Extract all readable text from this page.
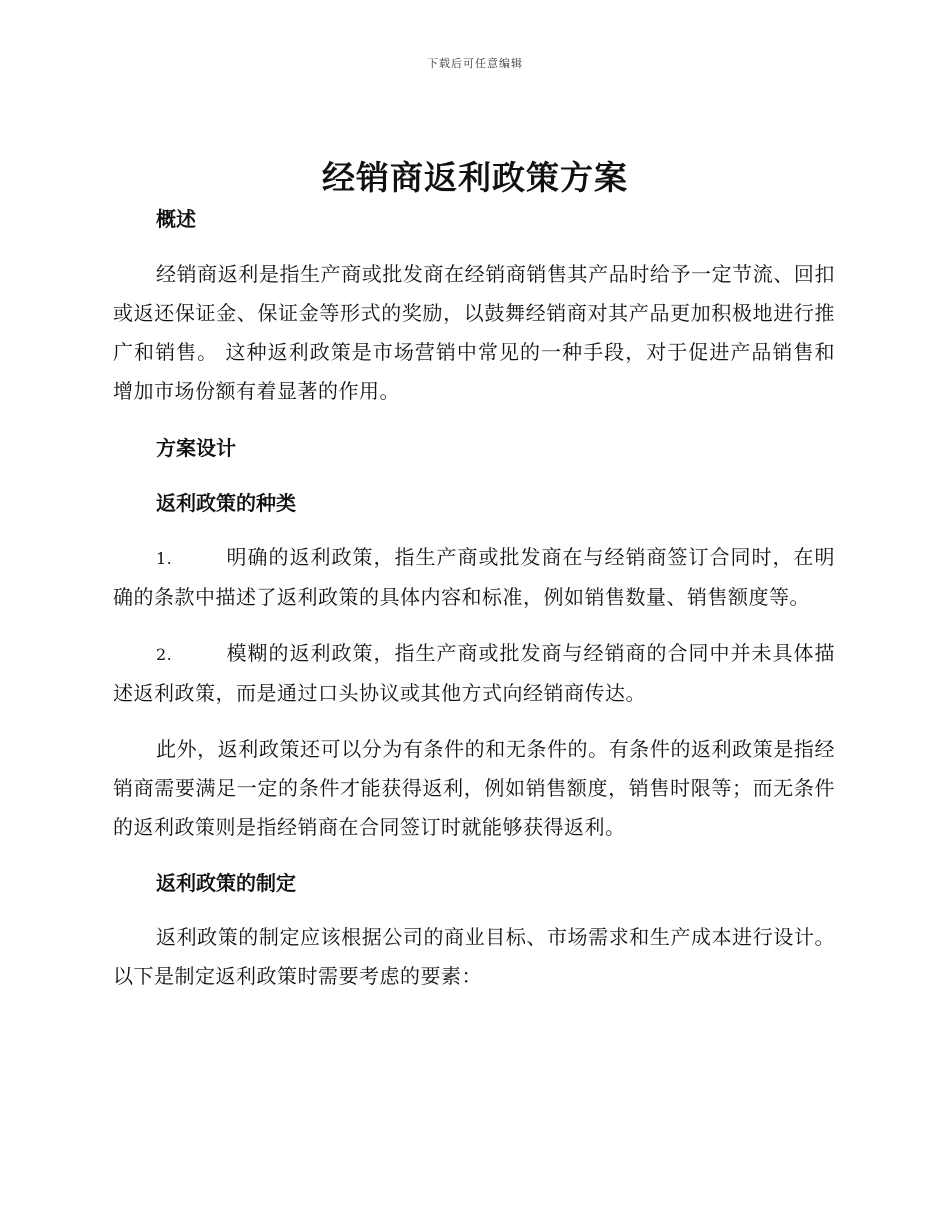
下载后可任意编辑
经销商返利政策方案

概述

经销商返利是指生产商或批发商在经销商销售其产品时给予一定节流、回扣或返还保证金、保证金等形式的奖励，以鼓舞经销商对其产品更加积极地进行推广和销售。 这种返利政策是市场营销中常见的一种手段，对于促进产品销售和增加市场份额有着显著的作用。

方案设计

返利政策的种类

1.	明确的返利政策，指生产商或批发商在与经销商签订合同时，在明确的条款中描述了返利政策的具体内容和标准，例如销售数量、销售额度等。

2.	模糊的返利政策，指生产商或批发商与经销商的合同中并未具体描述返利政策，而是通过口头协议或其他方式向经销商传达。

此外，返利政策还可以分为有条件的和无条件的。有条件的返利政策是指经销商需要满足一定的条件才能获得返利，例如销售额度，销售时限等；而无条件的返利政策则是指经销商在合同签订时就能够获得返利。

返利政策的制定

返利政策的制定应该根据公司的商业目标、市场需求和生产成本进行设计。以下是制定返利政策时需要考虑的要素：
